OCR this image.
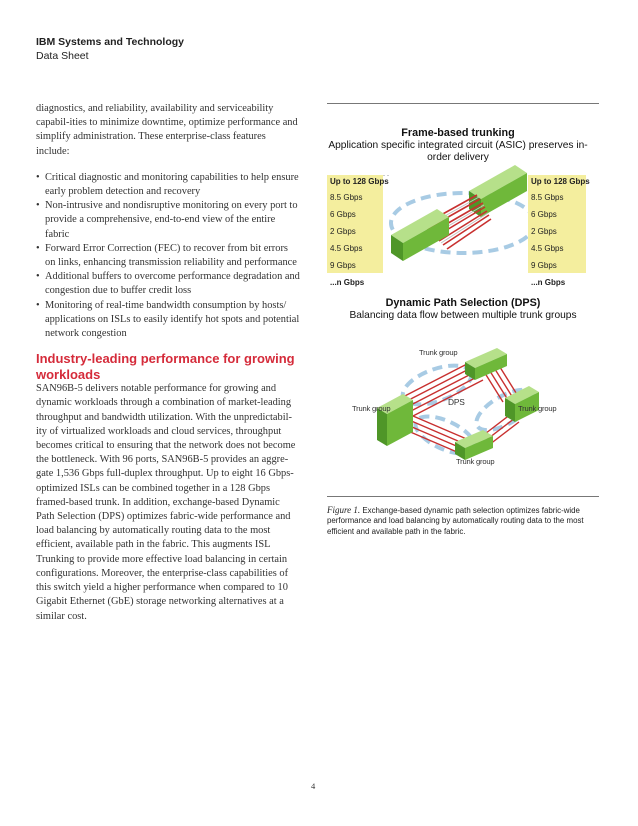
IBM Systems and Technology
Data Sheet

diagnostics, and reliability, availability and serviceability capabil-ities to minimize downtime, optimize performance and simplify administration. These enterprise-class features include:

• Critical diagnostic and monitoring capabilities to help ensure early problem detection and recovery
• Non-intrusive and nondisruptive monitoring on every port to provide a comprehensive, end-to-end view of the entire fabric
• Forward Error Correction (FEC) to recover from bit errors on links, enhancing transmission reliability and performance
• Additional buffers to overcome performance degradation and congestion due to buffer credit loss
• Monitoring of real-time bandwidth consumption by hosts/ applications on ISLs to easily identify hot spots and potential network congestion
Industry-leading performance for growing workloads

SAN96B-5 delivers notable performance for growing and dynamic workloads through a combination of market-leading throughput and bandwidth utilization. With the unpredictabil-ity of virtualized workloads and cloud services, throughput becomes critical to ensuring that the network does not become the bottleneck. With 96 ports, SAN96B-5 provides an aggre-gate 1,536 Gbps full-duplex throughput. Up to eight 16 Gbps-optimized ISLs can be combined together in a 128 Gbps framed-based trunk. In addition, exchange-based Dynamic Path Selection (DPS) optimizes fabric-wide performance and load balancing by automatically routing data to the most efficient, available path in the fabric. This augments ISL Trunking to provide more effective load balancing in certain configurations. Moreover, the enterprise-class capabilities of this switch yield a higher performance when compared to 10 Gigabit Ethernet (GbE) storage networking alternatives at a similar cost.

Frame-based trunking
Application specific integrated circuit (ASIC) preserves in-order delivery
Up to 128 Gbps
8.5 Gbps
6 Gbps
2 Gbps
4.5 Gbps
9 Gbps
...n Gbps
Up to 128 Gbps
8.5 Gbps
6 Gbps
2 Gbps
4.5 Gbps
9 Gbps
...n Gbps
Dynamic Path Selection (DPS)
Balancing data flow between multiple trunk groups
Trunk group
Trunk group
DPS
Trunk group
Trunk group
Figure 1. Exchange-based dynamic path selection optimizes fabric-wide performance and load balancing by automatically routing data to the most efficient and available path in the fabric.
4
